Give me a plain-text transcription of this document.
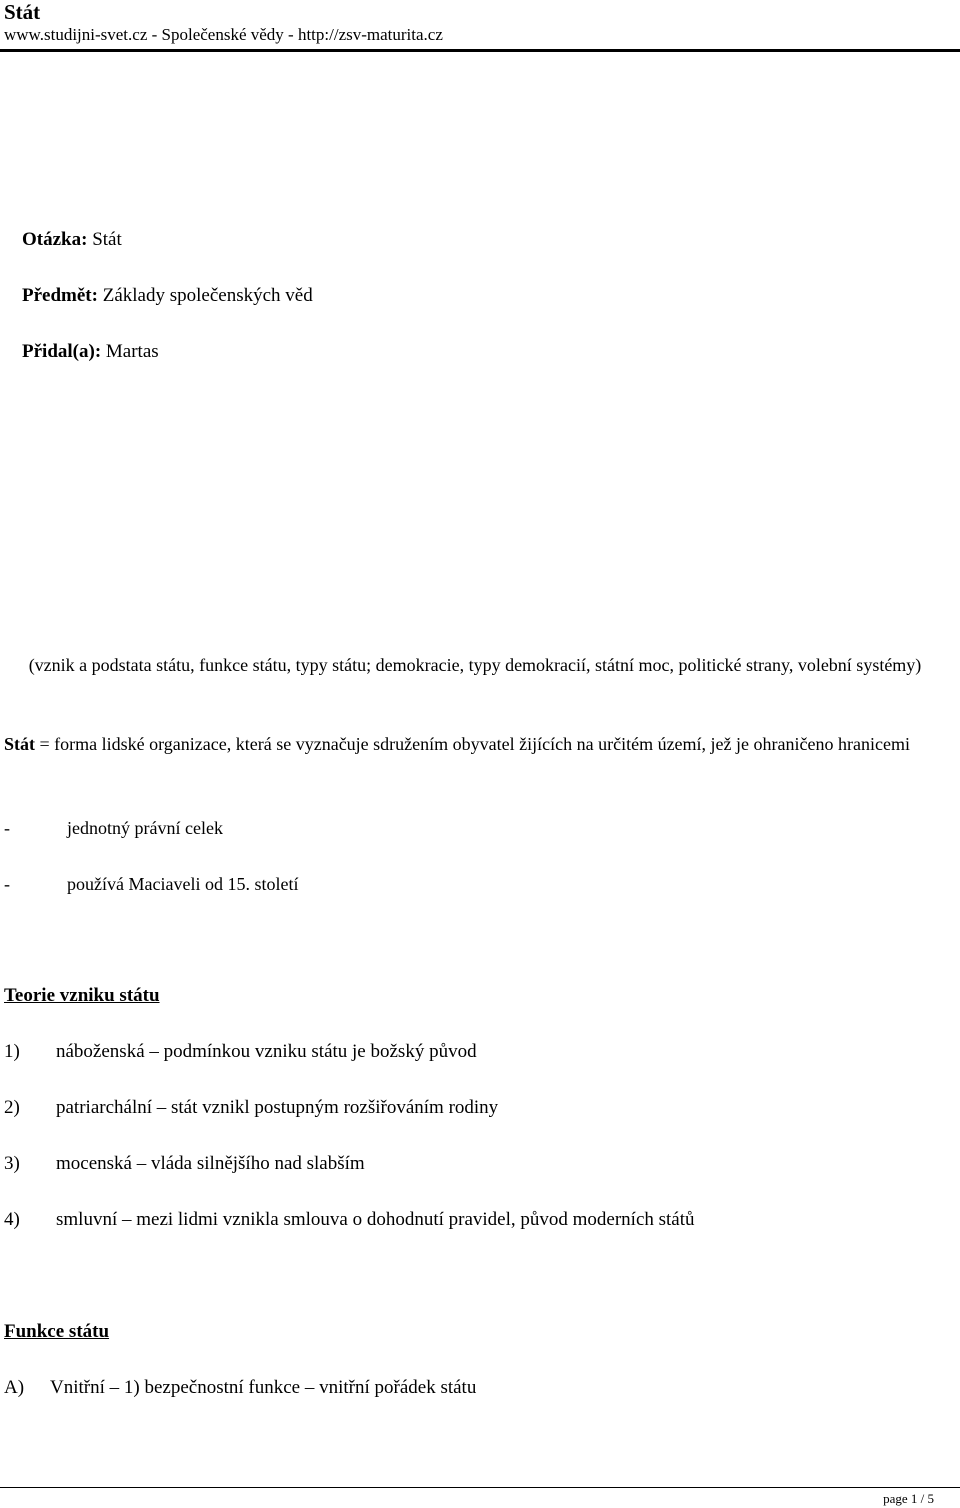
Stát
www.studijni-svet.cz - Společenské vědy - http://zsv-maturita.cz
Otázka: Stát
Předmět: Základy společenských věd
Přidal(a): Martas
(vznik a podstata státu, funkce státu, typy státu; demokracie, typy demokracií, státní moc, politické strany, volební systémy)
Stát = forma lidské organizace, která se vyznačuje sdružením obyvatel žijících na určitém území, jež je ohraničeno hranicemi
-	jednotný právní celek
-	používá Maciaveli od 15. století
Teorie vzniku státu
1) náboženská – podmínkou vzniku státu je božský původ
2) patriarchální – stát vznikl postupným rozšiřováním rodiny
3) mocenská – vláda silnějšího nad slabším
4) smluvní – mezi lidmi vznikla smlouva o dohodnutí pravidel, původ moderních států
Funkce státu
A) Vnitřní – 1) bezpečnostní funkce – vnitřní pořádek státu
page 1 / 5
